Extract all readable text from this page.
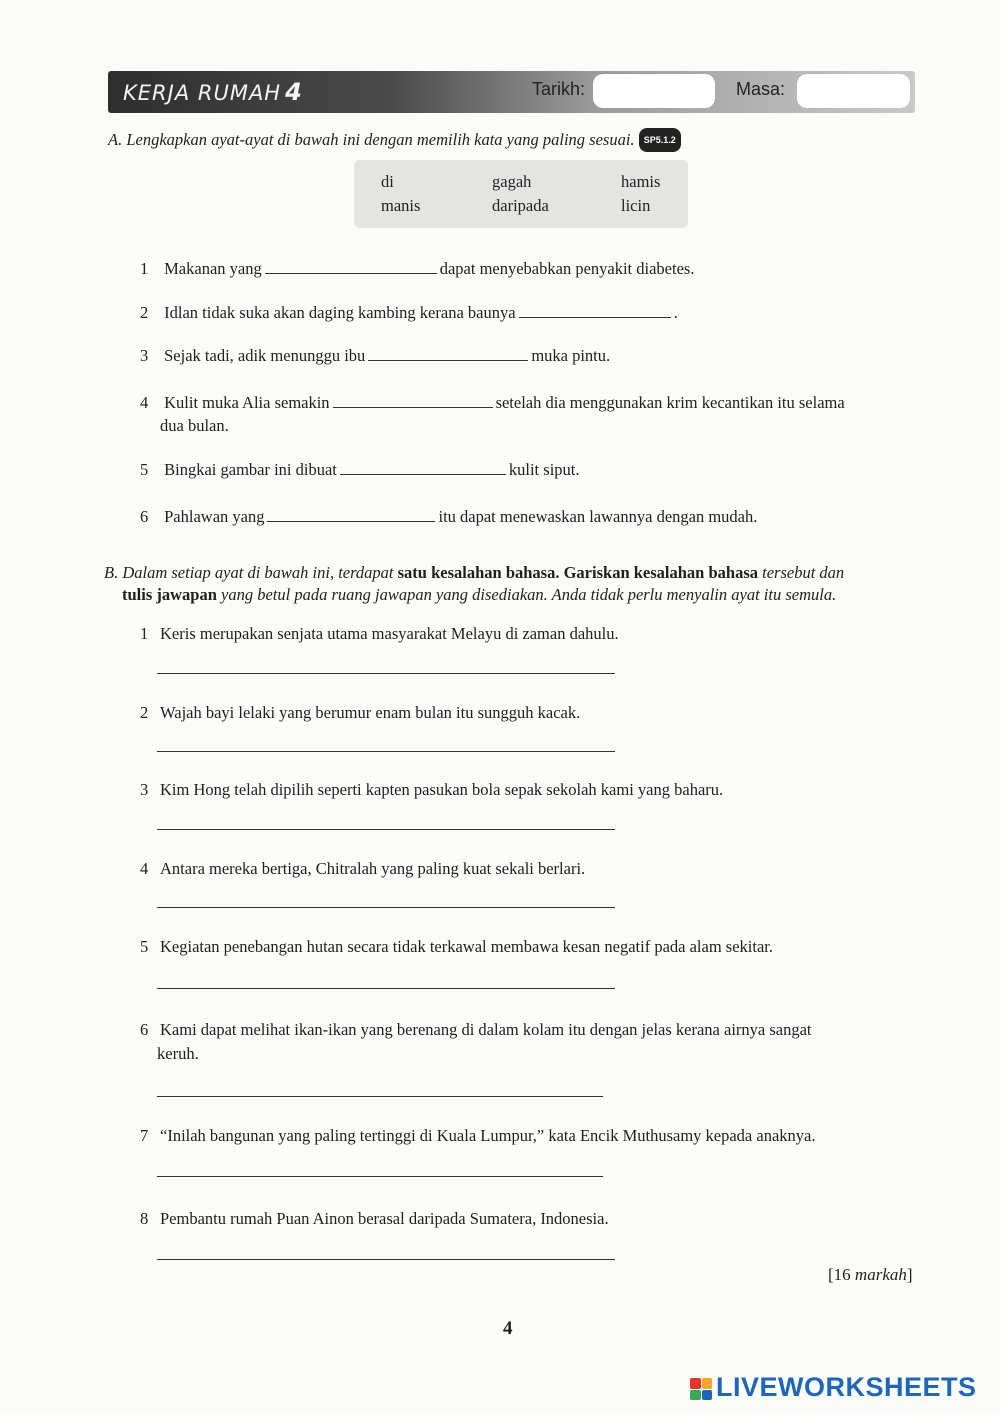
KERJA RUMAH 4	Tarikh:	Masa:
A. Lengkapkan ayat-ayat di bawah ini dengan memilih kata yang paling sesuai. SP5.1.2
di	gagah	hamis
manis	daripada	licin
1 Makanan yang	dapat menyebabkan penyakit diabetes.
2 Idlan tidak suka akan daging kambing kerana baunya	.
3 Sejak tadi, adik menunggu ibu	muka pintu.
4 Kulit muka Alia semakin	setelah dia menggunakan krim kecantikan itu selama
dua bulan.
5 Bingkai gambar ini dibuat	kulit siput.
6 Pahlawan yang	itu dapat menewaskan lawannya dengan mudah.
B. Dalam setiap ayat di bawah ini, terdapat satu kesalahan bahasa. Gariskan kesalahan bahasa tersebut dan
tulis jawapan yang betul pada ruang jawapan yang disediakan. Anda tidak perlu menyalin ayat itu semula.
1 Keris merupakan senjata utama masyarakat Melayu di zaman dahulu.
2 Wajah bayi lelaki yang berumur enam bulan itu sungguh kacak.
3 Kim Hong telah dipilih seperti kapten pasukan bola sepak sekolah kami yang baharu.
4 Antara mereka bertiga, Chitralah yang paling kuat sekali berlari.
5 Kegiatan penebangan hutan secara tidak terkawal membawa kesan negatif pada alam sekitar.
6 Kami dapat melihat ikan-ikan yang berenang di dalam kolam itu dengan jelas kerana airnya sangat
keruh.
7 “Inilah bangunan yang paling tertinggi di Kuala Lumpur,” kata Encik Muthusamy kepada anaknya.
8 Pembantu rumah Puan Ainon berasal daripada Sumatera, Indonesia.
[16 markah]
4
LIVEWORKSHEETS
